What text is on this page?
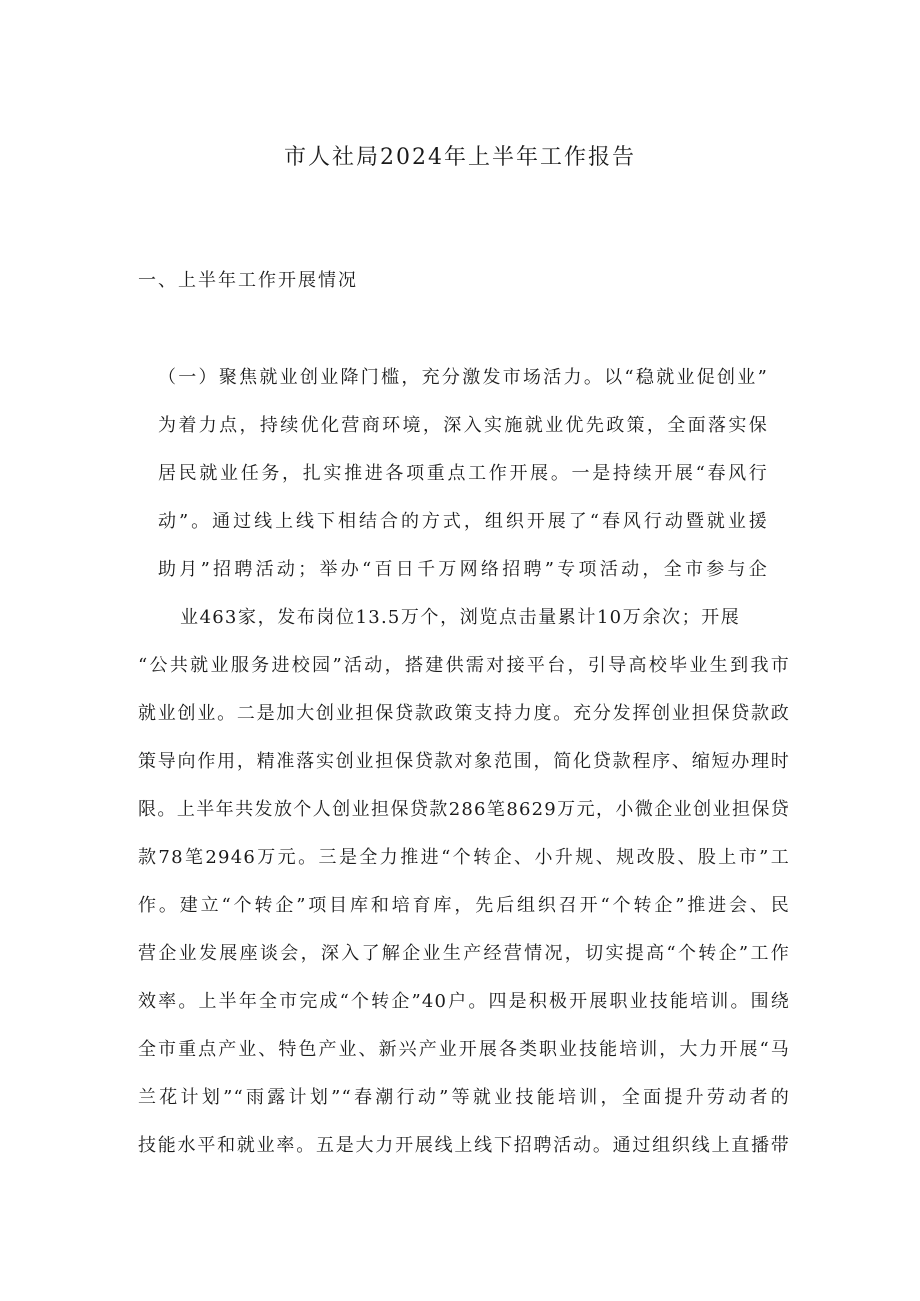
市人社局2024年上半年工作报告
一、上半年工作开展情况

（一）聚焦就业创业降门槛，充分激发市场活力。以“稳就业促创业”

为着力点，持续优化营商环境，深入实施就业优先政策，全面落实保

居民就业任务，扎实推进各项重点工作开展。一是持续开展“春风行

动”。通过线上线下相结合的方式，组织开展了“春风行动暨就业援

助月”招聘活动；举办“百日千万网络招聘”专项活动，全市参与企

业463家，发布岗位13.5万个，浏览点击量累计10万余次；开展

“公共就业服务进校园”活动，搭建供需对接平台，引导高校毕业生到我市

就业创业。二是加大创业担保贷款政策支持力度。充分发挥创业担保贷款政

策导向作用，精准落实创业担保贷款对象范围，简化贷款程序、缩短办理时

限。上半年共发放个人创业担保贷款286笔8629万元，小微企业创业担保贷

款78笔2946万元。三是全力推进“个转企、小升规、规改股、股上市”工

作。建立“个转企”项目库和培育库，先后组织召开“个转企”推进会、民

营企业发展座谈会，深入了解企业生产经营情况，切实提高“个转企”工作

效率。上半年全市完成“个转企”40户。四是积极开展职业技能培训。围绕

全市重点产业、特色产业、新兴产业开展各类职业技能培训，大力开展“马

兰花计划”“雨露计划”“春潮行动”等就业技能培训，全面提升劳动者的

技能水平和就业率。五是大力开展线上线下招聘活动。通过组织线上直播带
